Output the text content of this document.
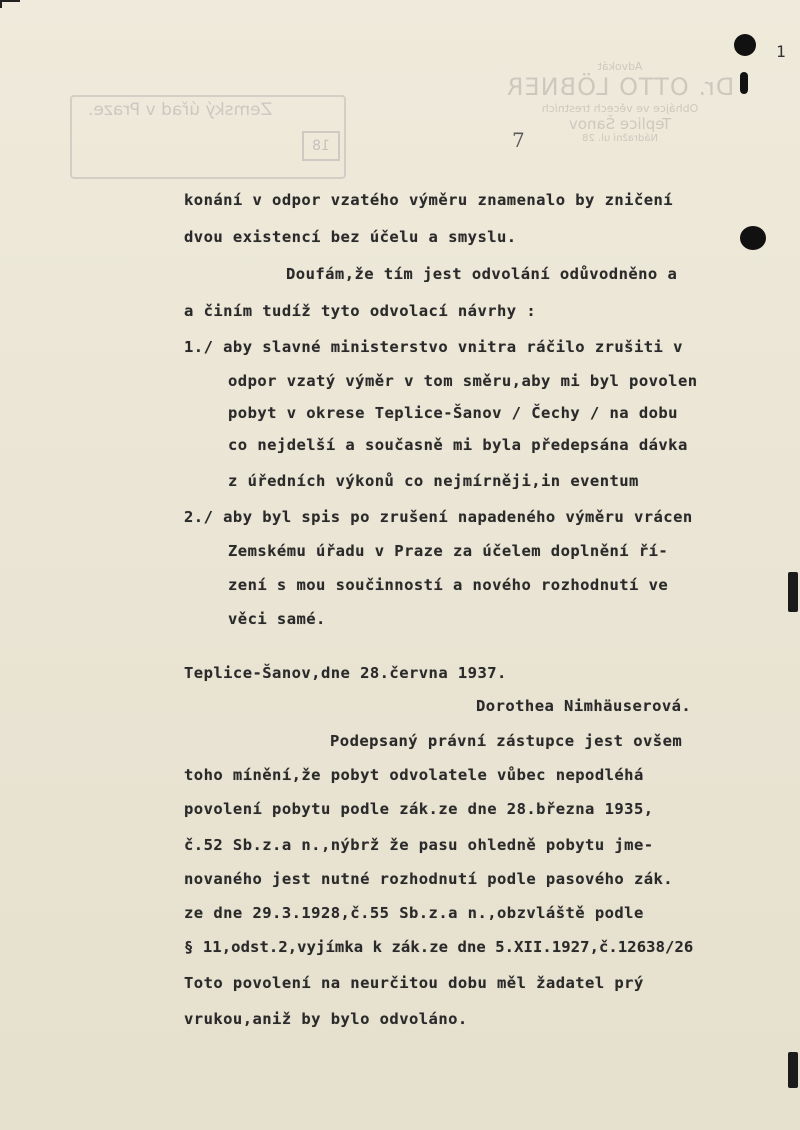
Zemský úřad v Praze.
18
Advokát
Dr. OTTO LÖBNER
Obhájce ve věcech trestních
Teplice Šanov
Nádražní ul. 28
7
1

konání v odpor vzatého výměru znamenalo by zničení

dvou existencí bez účelu a smyslu.

Doufám,že tím jest odvolání odůvodněno a

a činím tudíž tyto odvolací návrhy :

1./ aby slavné ministerstvo vnitra ráčilo zrušiti v

odpor vzatý výměr v tom směru,aby mi byl povolen

pobyt v okrese Teplice-Šanov / Čechy / na dobu

co nejdelší a současně mi byla předepsána dávka

z úředních výkonů co nejmírněji,in eventum

2./ aby byl spis po zrušení napadeného výměru vrácen

Zemskému úřadu v Praze za účelem doplnění ří-

zení s mou součinností a nového rozhodnutí ve

věci samé.

Teplice-Šanov,dne 28.června 1937.

Dorothea Nimhäuserová.

Podepsaný právní zástupce jest ovšem

toho mínění,že pobyt odvolatele vůbec nepodléhá

povolení pobytu podle zák.ze dne 28.března 1935,

č.52 Sb.z.a n.,nýbrž že pasu ohledně pobytu jme-

novaného jest nutné rozhodnutí podle pasového zák.

ze dne 29.3.1928,č.55 Sb.z.a n.,obzvláště podle

§ 11,odst.2,vyjímka k zák.ze dne 5.XII.1927,č.12638/26

Toto povolení na neurčitou dobu měl žadatel prý

vrukou,aniž by bylo odvoláno.
